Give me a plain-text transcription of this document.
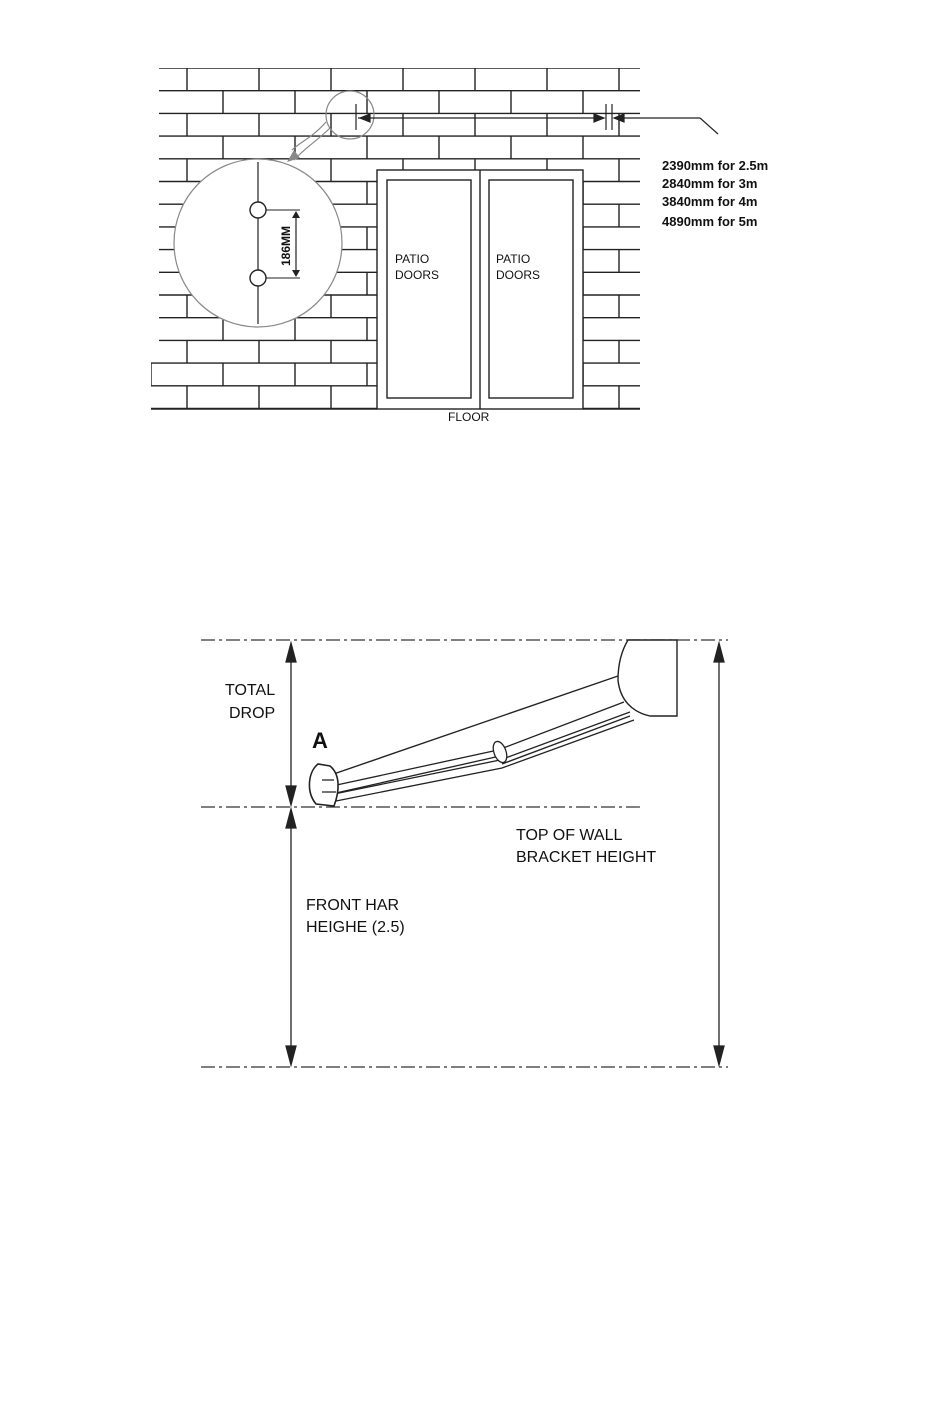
PATIO
DOORS
PATIO
DOORS
FLOOR
186MM
2390mm for 2.5m
2840mm for 3m
3840mm for 4m
4890mm for 5m
A
TOTAL
DROP
TOP OF WALL
BRACKET HEIGHT
FRONT HAR
HEIGHE (2.5)
